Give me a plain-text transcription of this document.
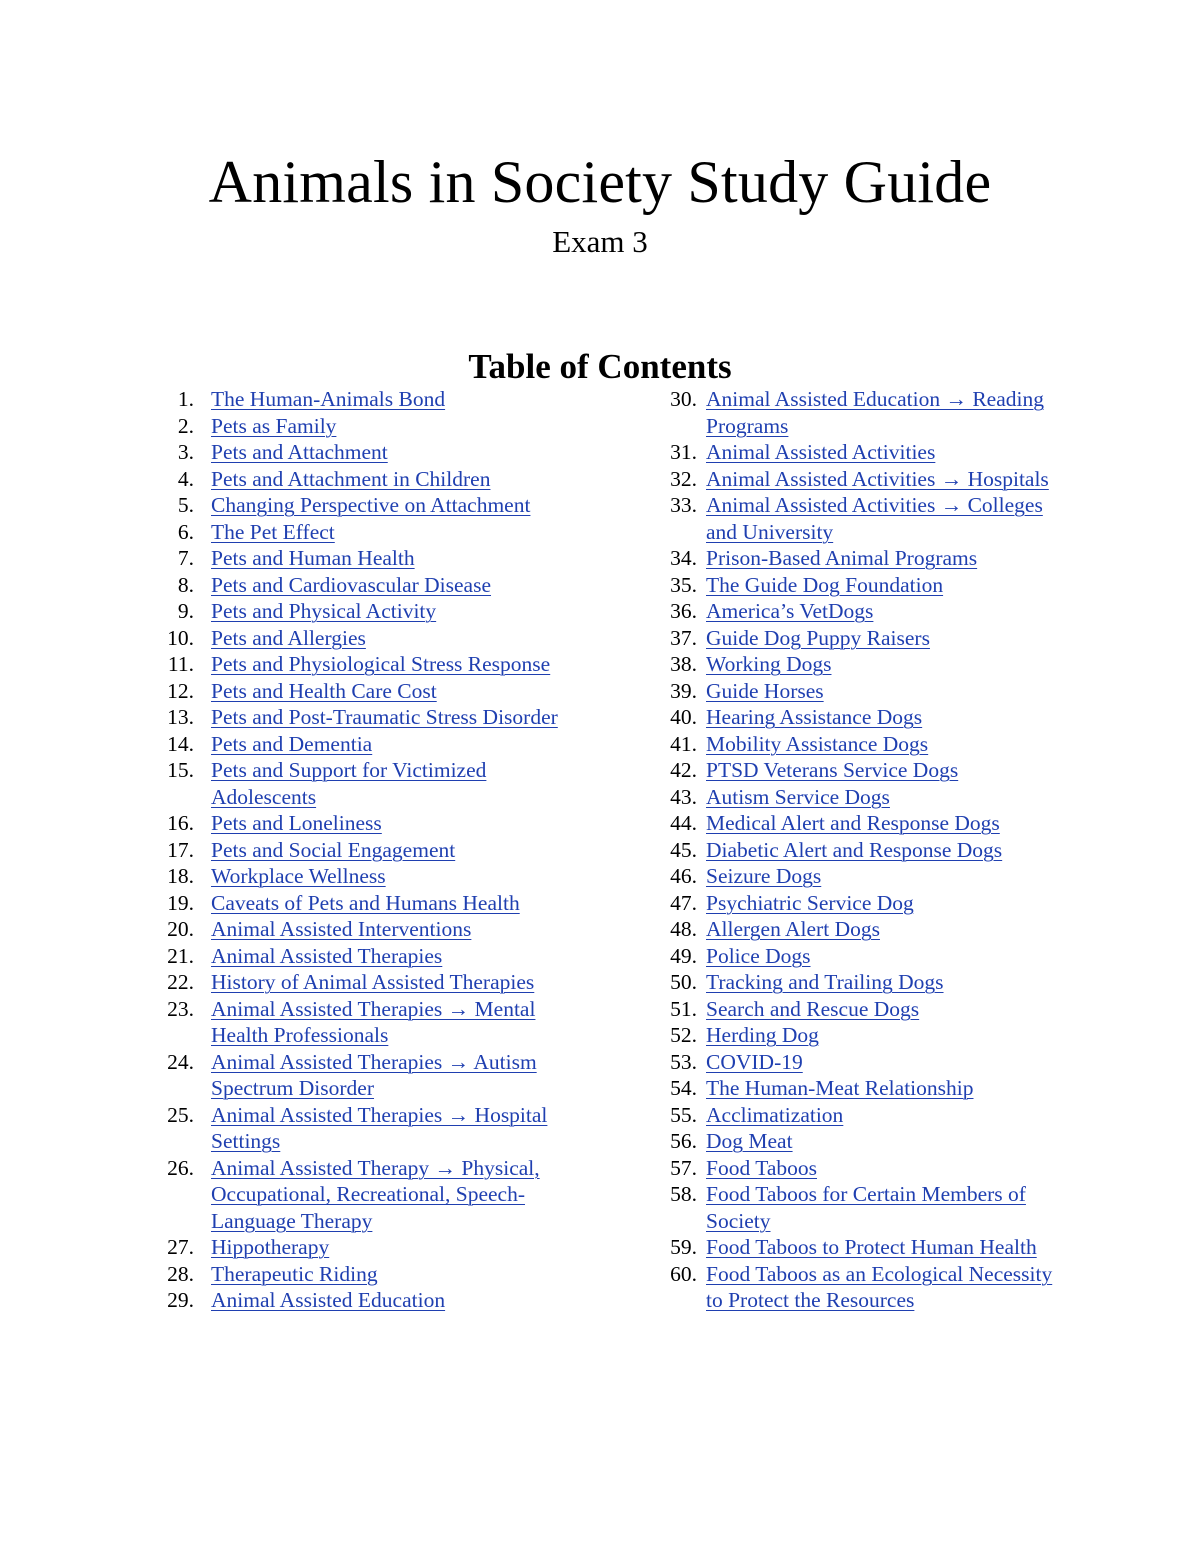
Animals in Society Study Guide
Exam 3
Table of Contents
1. The Human-Animals Bond
2. Pets as Family
3. Pets and Attachment
4. Pets and Attachment in Children
5. Changing Perspective on Attachment
6. The Pet Effect
7. Pets and Human Health
8. Pets and Cardiovascular Disease
9. Pets and Physical Activity
10. Pets and Allergies
11. Pets and Physiological Stress Response
12. Pets and Health Care Cost
13. Pets and Post-Traumatic Stress Disorder
14. Pets and Dementia
15. Pets and Support for Victimized Adolescents
16. Pets and Loneliness
17. Pets and Social Engagement
18. Workplace Wellness
19. Caveats of Pets and Humans Health
20. Animal Assisted Interventions
21. Animal Assisted Therapies
22. History of Animal Assisted Therapies
23. Animal Assisted Therapies → Mental Health Professionals
24. Animal Assisted Therapies → Autism Spectrum Disorder
25. Animal Assisted Therapies → Hospital Settings
26. Animal Assisted Therapy → Physical, Occupational, Recreational, Speech-Language Therapy
27. Hippotherapy
28. Therapeutic Riding
29. Animal Assisted Education
30. Animal Assisted Education → Reading Programs
31. Animal Assisted Activities
32. Animal Assisted Activities → Hospitals
33. Animal Assisted Activities → Colleges and University
34. Prison-Based Animal Programs
35. The Guide Dog Foundation
36. America’s VetDogs
37. Guide Dog Puppy Raisers
38. Working Dogs
39. Guide Horses
40. Hearing Assistance Dogs
41. Mobility Assistance Dogs
42. PTSD Veterans Service Dogs
43. Autism Service Dogs
44. Medical Alert and Response Dogs
45. Diabetic Alert and Response Dogs
46. Seizure Dogs
47. Psychiatric Service Dog
48. Allergen Alert Dogs
49. Police Dogs
50. Tracking and Trailing Dogs
51. Search and Rescue Dogs
52. Herding Dog
53. COVID-19
54. The Human-Meat Relationship
55. Acclimatization
56. Dog Meat
57. Food Taboos
58. Food Taboos for Certain Members of Society
59. Food Taboos to Protect Human Health
60. Food Taboos as an Ecological Necessity to Protect the Resources
